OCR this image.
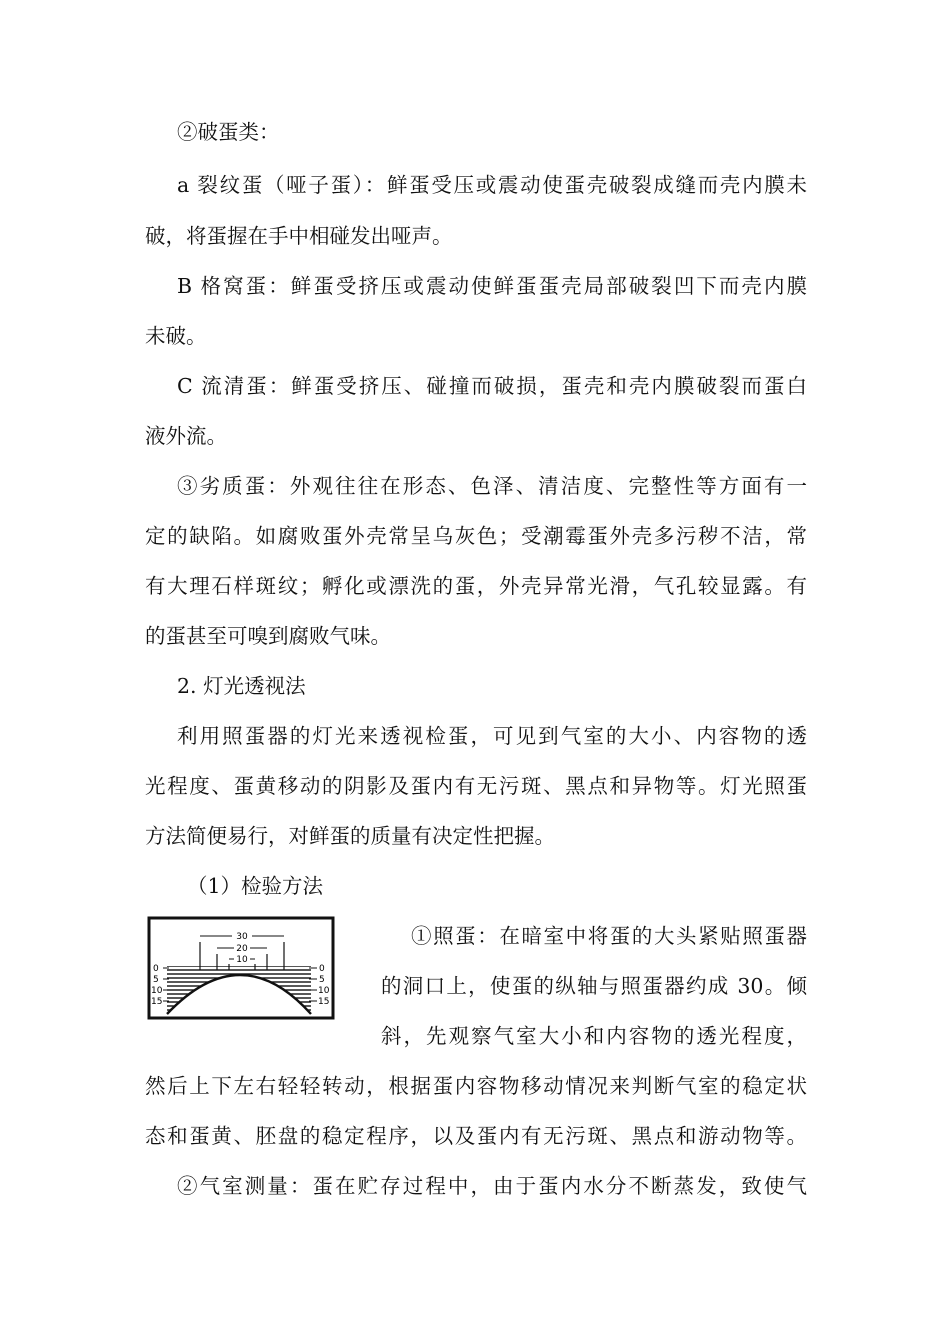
②破蛋类：
a 裂纹蛋（哑子蛋）：鲜蛋受压或震动使蛋壳破裂成缝而壳内膜未
破，将蛋握在手中相碰发出哑声。
B 格窝蛋：鲜蛋受挤压或震动使鲜蛋蛋壳局部破裂凹下而壳内膜
未破。
C 流清蛋：鲜蛋受挤压、碰撞而破损，蛋壳和壳内膜破裂而蛋白
液外流。
③劣质蛋：外观往往在形态、色泽、清洁度、完整性等方面有一
定的缺陷。如腐败蛋外壳常呈乌灰色；受潮霉蛋外壳多污秽不洁，常
有大理石样斑纹；孵化或漂洗的蛋，外壳异常光滑，气孔较显露。有
的蛋甚至可嗅到腐败气味。
2. 灯光透视法
利用照蛋器的灯光来透视检蛋，可见到气室的大小、内容物的透
光程度、蛋黄移动的阴影及蛋内有无污斑、黑点和异物等。灯光照蛋
方法简便易行，对鲜蛋的质量有决定性把握。
（1）检验方法
①照蛋：在暗室中将蛋的大头紧贴照蛋器
的洞口上，使蛋的纵轴与照蛋器约成 30。倾
斜，先观察气室大小和内容物的透光程度，
然后上下左右轻轻转动，根据蛋内容物移动情况来判断气室的稳定状
态和蛋黄、胚盘的稳定程序，以及蛋内有无污斑、黑点和游动物等。
②气室测量：蛋在贮存过程中，由于蛋内水分不断蒸发，致使气
30
20
10
0
5
10
15
0
5
10
15
